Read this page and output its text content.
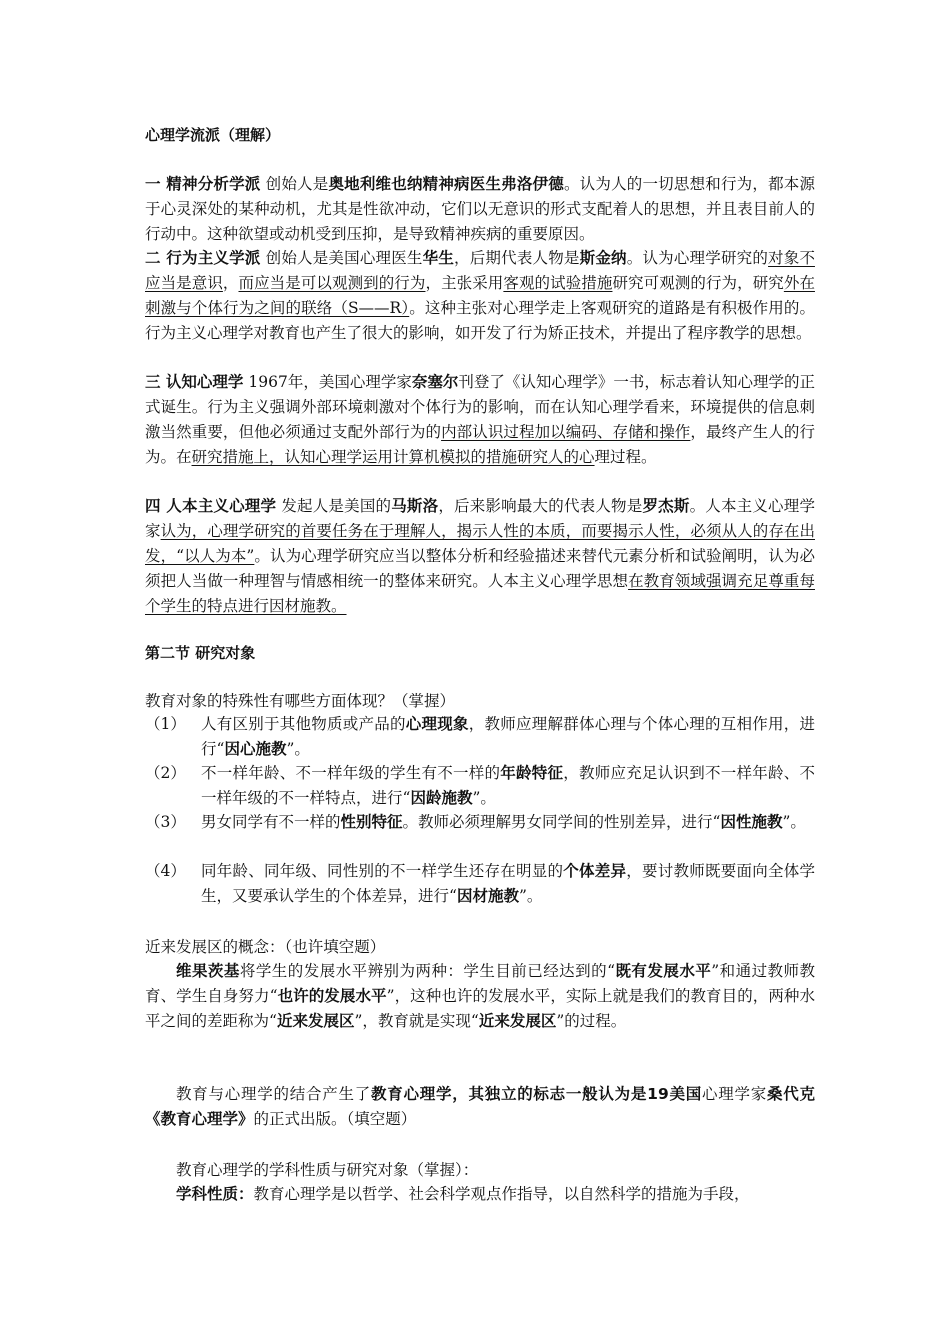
心理学流派（理解）

一 精神分析学派 创始人是奥地利维也纳精神病医生弗洛伊德。认为人的一切思想和行为，都本源于心灵深处的某种动机，尤其是性欲冲动，它们以无意识的形式支配着人的思想，并且表目前人的行动中。这种欲望或动机受到压抑，是导致精神疾病的重要原因。

二 行为主义学派 创始人是美国心理医生华生，后期代表人物是斯金纳。认为心理学研究的对象不应当是意识，而应当是可以观测到的行为，主张采用客观的试验措施研究可观测的行为，研究外在刺激与个体行为之间的联络（S——R）。这种主张对心理学走上客观研究的道路是有积极作用的。行为主义心理学对教育也产生了很大的影响，如开发了行为矫正技术，并提出了程序教学的思想。

三 认知心理学 1967年，美国心理学家奈塞尔刊登了《认知心理学》一书，标志着认知心理学的正式诞生。行为主义强调外部环境刺激对个体行为的影响，而在认知心理学看来，环境提供的信息刺激当然重要，但他必须通过支配外部行为的内部认识过程加以编码、存储和操作，最终产生人的行为。在研究措施上，认知心理学运用计算机模拟的措施研究人的心理过程。

四 人本主义心理学 发起人是美国的马斯洛，后来影响最大的代表人物是罗杰斯。人本主义心理学家认为，心理学研究的首要任务在于理解人，揭示人性的本质，而要揭示人性，必须从人的存在出发，“以人为本”。认为心理学研究应当以整体分析和经验描述来替代元素分析和试验阐明，认为必须把人当做一种理智与情感相统一的整体来研究。人本主义心理学思想在教育领域强调充足尊重每个学生的特点进行因材施教。

第二节 研究对象
教育对象的特殊性有哪些方面体现？（掌握）
（1） 人有区别于其他物质或产品的心理现象，教师应理解群体心理与个体心理的互相作用，进行“因心施教”。
（2） 不一样年龄、不一样年级的学生有不一样的年龄特征，教师应充足认识到不一样年龄、不一样年级的不一样特点，进行“因龄施教”。
（3） 男女同学有不一样的性别特征。教师必须理解男女同学间的性别差异，进行“因性施教”。
（4） 同年龄、同年级、同性别的不一样学生还存在明显的个体差异，要讨教师既要面向全体学生，又要承认学生的个体差异，进行“因材施教”。
近来发展区的概念：（也许填空题）

维果茨基将学生的发展水平辨别为两种：学生目前已经达到的“既有发展水平”和通过教师教育、学生自身努力“也许的发展水平”，这种也许的发展水平，实际上就是我们的教育目的，两种水平之间的差距称为“近来发展区”，教育就是实现“近来发展区”的过程。

教育与心理学的结合产生了教育心理学，其独立的标志一般认为是19美国心理学家桑代克《教育心理学》的正式出版。（填空题）

教育心理学的学科性质与研究对象（掌握）：

学科性质：教育心理学是以哲学、社会科学观点作指导，以自然科学的措施为手段，
